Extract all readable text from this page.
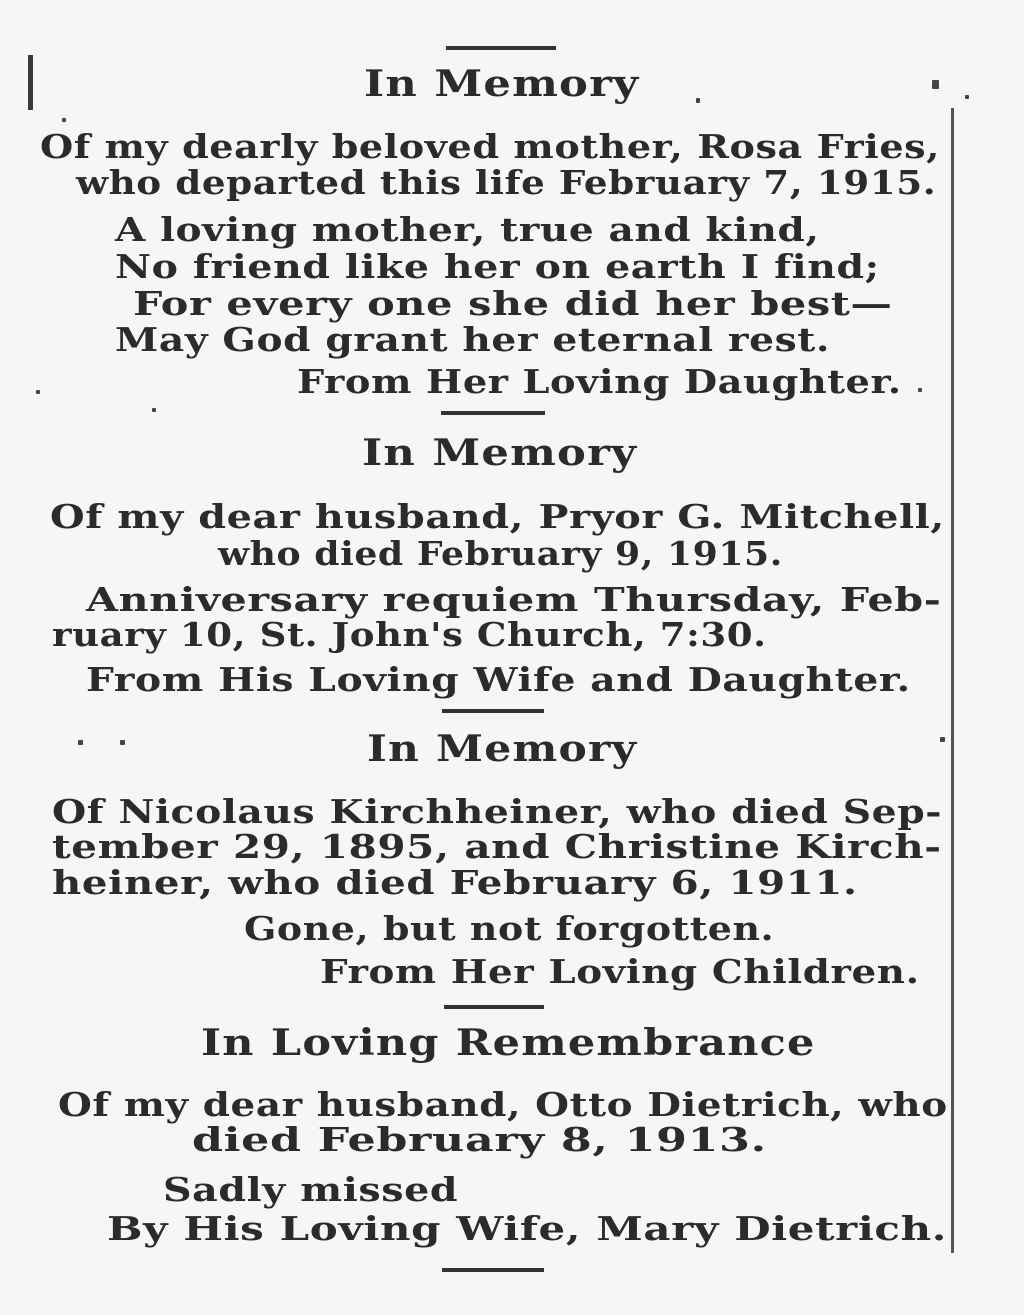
In Memory
Of my dearly beloved mother, Rosa Fries,
who departed this life February 7, 1915.
A loving mother, true and kind,
No friend like her on earth I find;
For every one she did her best—
May God grant her eternal rest.
From Her Loving Daughter.
In Memory
Of my dear husband, Pryor G. Mitchell,
who died February 9, 1915.
Anniversary requiem Thursday, Feb-
ruary 10, St. John's Church, 7:30.
From His Loving Wife and Daughter.
In Memory
Of Nicolaus Kirchheiner, who died Sep-
tember 29, 1895, and Christine Kirch-
heiner, who died February 6, 1911.
Gone, but not forgotten.
From Her Loving Children.
In Loving Remembrance
Of my dear husband, Otto Dietrich, who
died February 8, 1913.
Sadly missed
By His Loving Wife, Mary Dietrich.
